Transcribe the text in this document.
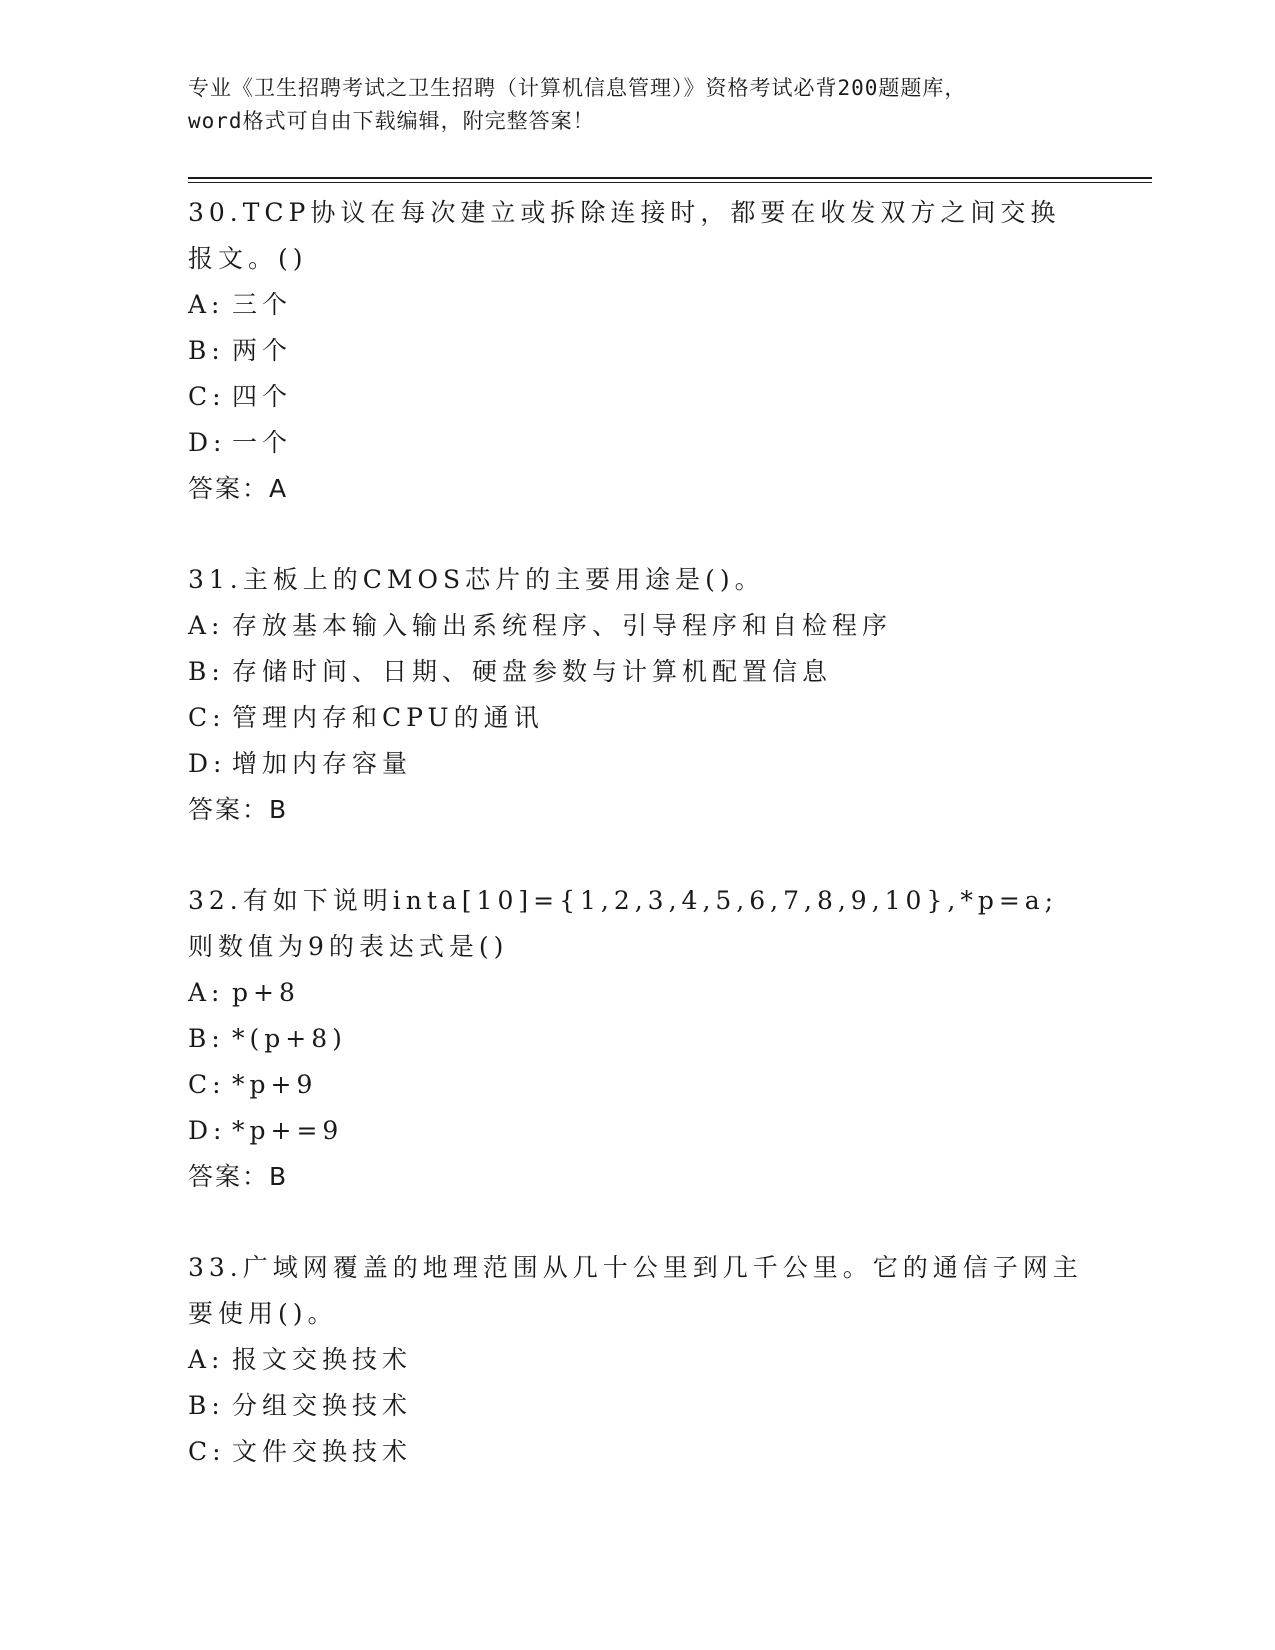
专业《卫生招聘考试之卫生招聘（计算机信息管理）》资格考试必背200题题库，
word格式可自由下载编辑，附完整答案！

30.TCP协议在每次建立或拆除连接时，都要在收发双方之间交换报文。()

A: 三个

B: 两个

C: 四个

D: 一个

答案：A

31.主板上的CMOS芯片的主要用途是()。

A: 存放基本输入输出系统程序、引导程序和自检程序

B: 存储时间、日期、硬盘参数与计算机配置信息

C: 管理内存和CPU的通讯

D: 增加内存容量

答案：B

32.有如下说明inta[10]={1,2,3,4,5,6,7,8,9,10},*p=a;则数值为9的表达式是()

A: p+8

B: *(p+8)

C: *p+9

D: *p+=9

答案：B

33.广域网覆盖的地理范围从几十公里到几千公里。它的通信子网主要使用()。

A: 报文交换技术

B: 分组交换技术

C: 文件交换技术
